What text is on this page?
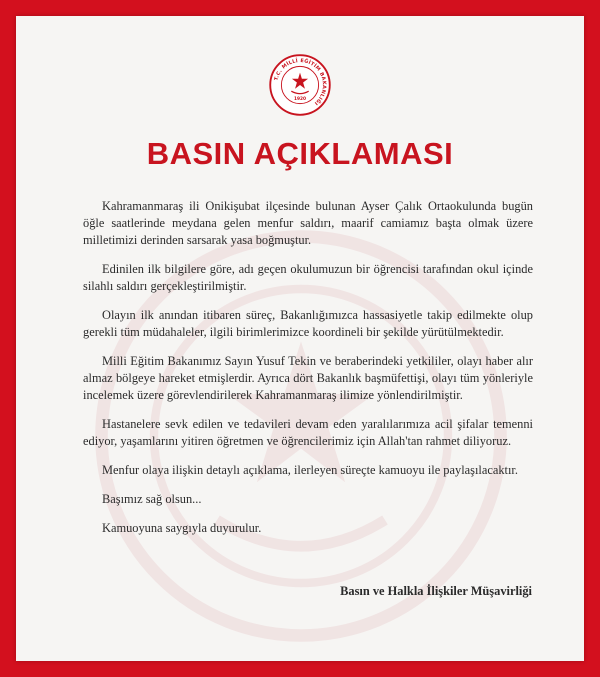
T.C. MİLLÎ EĞİTİM BAKANLIĞI
1920
BASIN AÇIKLAMASI

Kahramanmaraş ili Onikişubat ilçesinde bulunan Ayser Çalık Ortaokulunda bugün öğle saatlerinde meydana gelen menfur saldırı, maarif camiamız başta olmak üzere milletimizi derinden sarsarak yasa boğmuştur.

Edinilen ilk bilgilere göre, adı geçen okulumuzun bir öğrencisi tarafından okul içinde silahlı saldırı gerçekleştirilmiştir.

Olayın ilk anından itibaren süreç, Bakanlığımızca hassasiyetle takip edilmekte olup gerekli tüm müdahaleler, ilgili birimlerimizce koordineli bir şekilde yürütülmektedir.

Milli Eğitim Bakanımız Sayın Yusuf Tekin ve beraberindeki yetkililer, olayı haber alır almaz bölgeye hareket etmişlerdir. Ayrıca dört Bakanlık başmüfettişi, olayı tüm yönleriyle incelemek üzere görevlendirilerek Kahramanmaraş ilimize yönlendirilmiştir.

Hastanelere sevk edilen ve tedavileri devam eden yaralılarımıza acil şifalar temenni ediyor, yaşamlarını yitiren öğretmen ve öğrencilerimiz için Allah'tan rahmet diliyoruz.

Menfur olaya ilişkin detaylı açıklama, ilerleyen süreçte kamuoyu ile paylaşılacaktır.

Başımız sağ olsun...

Kamuoyuna saygıyla duyurulur.

Basın ve Halkla İlişkiler Müşavirliği
